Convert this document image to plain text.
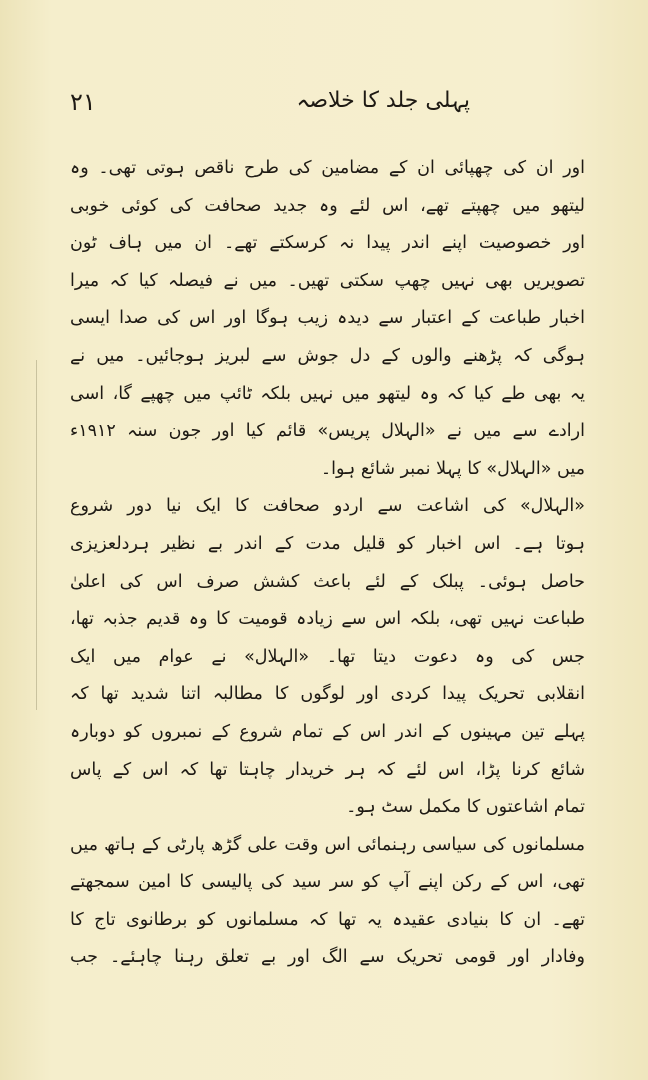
۲۱	پہلی جلد کا خلاصہ
اور ان کی چھپائی ان کے مضامین کی طرح ناقص ہوتی تھی۔ وہ
لیتھو میں چھپتے تھے، اس لئے وہ جدید صحافت کی کوئی خوبی
اور خصوصیت اپنے اندر پیدا نہ کرسکتے تھے۔ ان میں ہاف ٹون
تصویریں بھی نہیں چھپ سکتی تھیں۔ میں نے فیصلہ کیا کہ میرا
اخبار طباعت کے اعتبار سے دیدہ زیب ہوگا اور اس کی صدا ایسی
ہوگی کہ پڑھنے والوں کے دل جوش سے لبریز ہوجائیں۔ میں نے
یہ بھی طے کیا کہ وہ لیتھو میں نہیں بلکہ ٹائپ میں چھپے گا، اسی
ارادے سے میں نے «الہلال پریس» قائم کیا اور جون سنہ ۱۹۱۲ء
میں «الہلال» کا پہلا نمبر شائع ہوا۔
«الہلال» کی اشاعت سے اردو صحافت کا ایک نیا دور شروع
ہوتا ہے۔ اس اخبار کو قلیل مدت کے اندر بے نظیر ہردلعزیزی
حاصل ہوئی۔ پبلک کے لئے باعث کشش صرف اس کی اعلیٰ
طباعت نہیں تھی، بلکہ اس سے زیادہ قومیت کا وہ قدیم جذبہ تھا،
جس کی وہ دعوت دیتا تھا۔ «الہلال» نے عوام میں ایک
انقلابی تحریک پیدا کردی اور لوگوں کا مطالبہ اتنا شدید تھا کہ
پہلے تین مہینوں کے اندر اس کے تمام شروع کے نمبروں کو دوبارہ
شائع کرنا پڑا، اس لئے کہ ہر خریدار چاہتا تھا کہ اس کے پاس
تمام اشاعتوں کا مکمل سٹ ہو۔
مسلمانوں کی سیاسی رہنمائی اس وقت علی گڑھ پارٹی کے ہاتھ میں
تھی، اس کے رکن اپنے آپ کو سر سید کی پالیسی کا امین سمجھتے
تھے۔ ان کا بنیادی عقیدہ یہ تھا کہ مسلمانوں کو برطانوی تاج کا
وفادار اور قومی تحریک سے الگ اور بے تعلق رہنا چاہئے۔ جب
